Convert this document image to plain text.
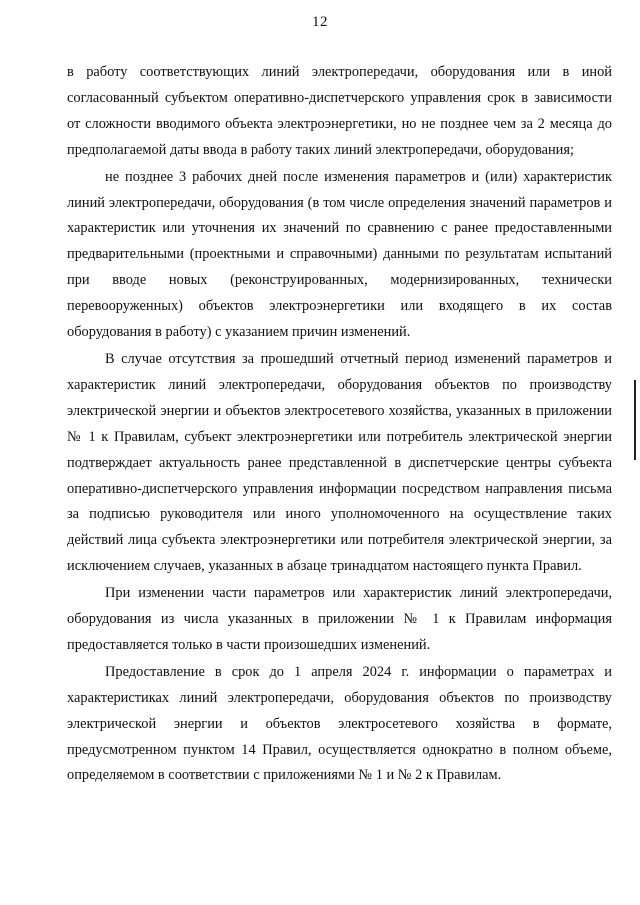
12

в работу соответствующих линий электропередачи, оборудования или в иной согласованный субъектом оперативно-диспетчерского управления срок в зависимости от сложности вводимого объекта электроэнергетики, но не позднее чем за 2 месяца до предполагаемой даты ввода в работу таких линий электропередачи, оборудования;

не позднее 3 рабочих дней после изменения параметров и (или) характеристик линий электропередачи, оборудования (в том числе определения значений параметров и характеристик или уточнения их значений по сравнению с ранее предоставленными предварительными (проектными и справочными) данными по результатам испытаний при вводе новых (реконструированных, модернизированных, технически перевооруженных) объектов электроэнергетики или входящего в их состав оборудования в работу) с указанием причин изменений.

В случае отсутствия за прошедший отчетный период изменений параметров и характеристик линий электропередачи, оборудования объектов по производству электрической энергии и объектов электросетевого хозяйства, указанных в приложении № 1 к Правилам, субъект электроэнергетики или потребитель электрической энергии подтверждает актуальность ранее представленной в диспетчерские центры субъекта оперативно-диспетчерского управления информации посредством направления письма за подписью руководителя или иного уполномоченного на осуществление таких действий лица субъекта электроэнергетики или потребителя электрической энергии, за исключением случаев, указанных в абзаце тринадцатом настоящего пункта Правил.

При изменении части параметров или характеристик линий электропередачи, оборудования из числа указанных в приложении № 1 к Правилам информация предоставляется только в части произошедших изменений.

Предоставление в срок до 1 апреля 2024 г. информации о параметрах и характеристиках линий электропередачи, оборудования объектов по производству электрической энергии и объектов электросетевого хозяйства в формате, предусмотренном пунктом 14 Правил, осуществляется однократно в полном объеме, определяемом в соответствии с приложениями № 1 и № 2 к Правилам.
